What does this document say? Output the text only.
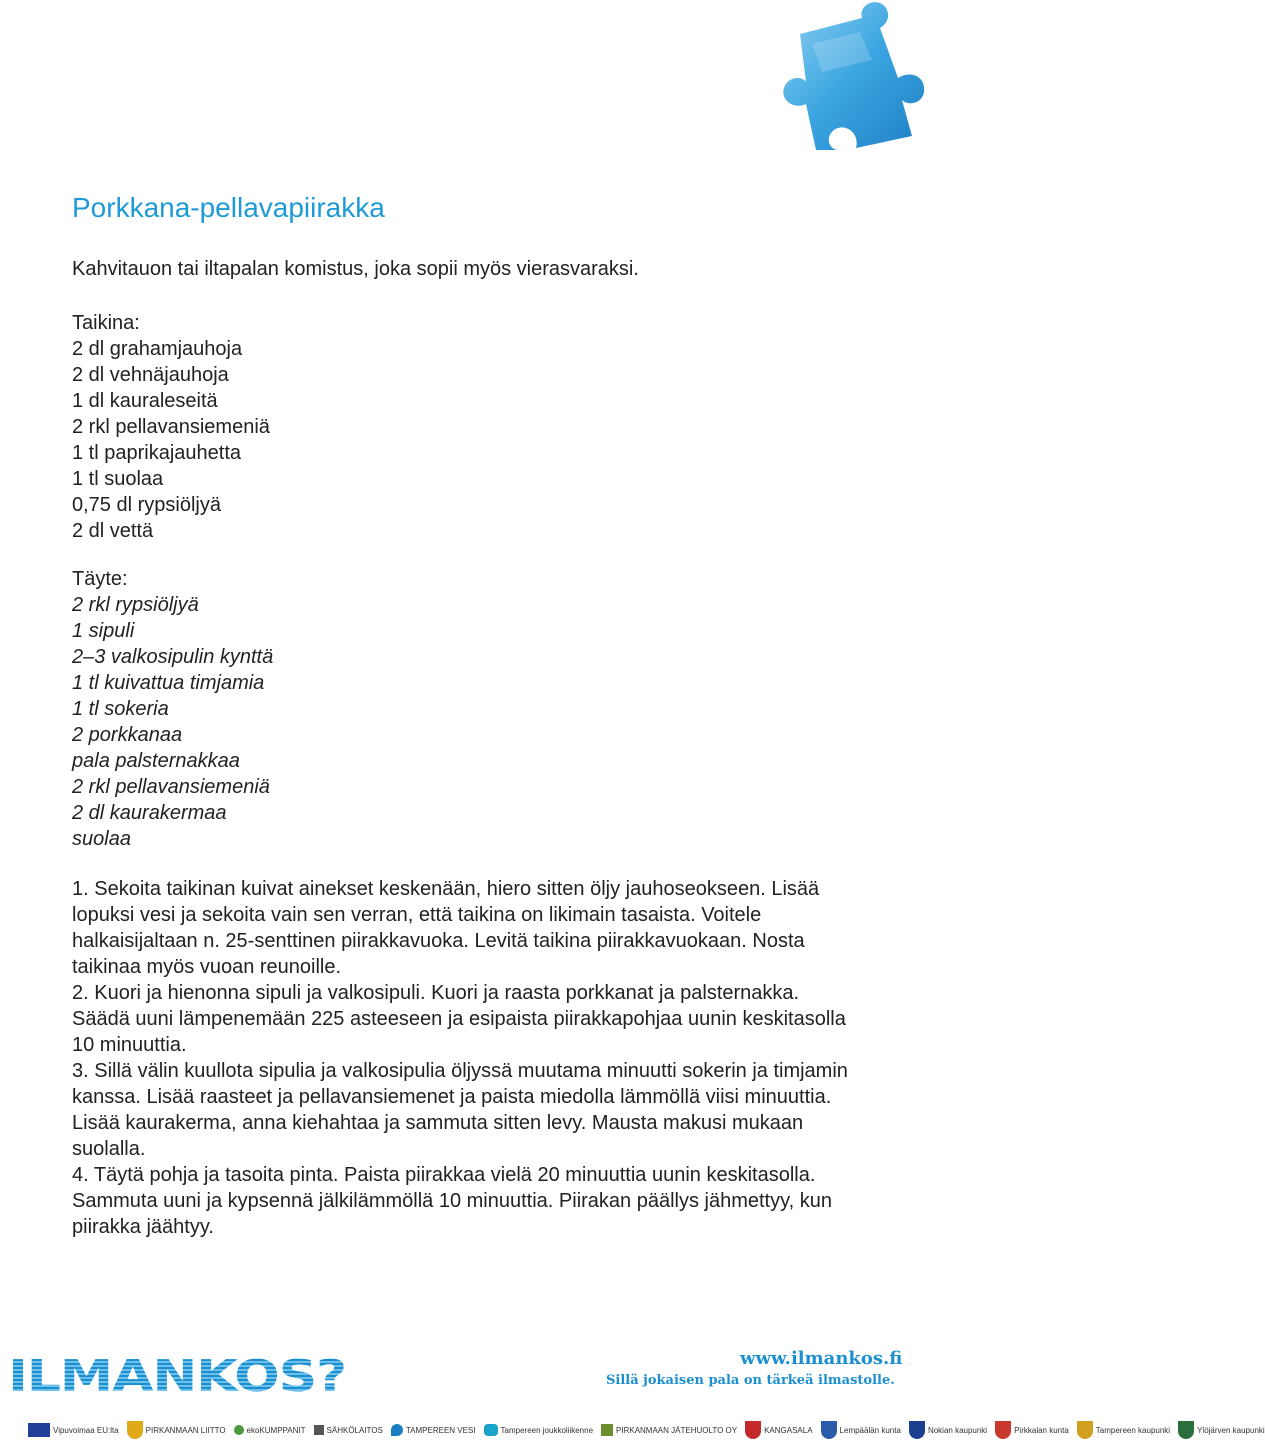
Porkkana-pellavapiirakka

Kahvitauon tai iltapalan komistus, joka sopii myös vierasvaraksi.

Taikina:

2 dl grahamjauhoja

2 dl vehnäjauhoja

1 dl kauraleseitä

2 rkl pellavansiemeniä

1 tl paprikajauhetta

1 tl suolaa

0,75 dl rypsiöljyä

2 dl vettä

Täyte:

2 rkl rypsiöljyä

1 sipuli

2–3 valkosipulin kynttä

1 tl kuivattua timjamia

1 tl sokeria

2 porkkanaa

pala palsternakkaa

2 rkl pellavansiemeniä

2 dl kaurakermaa

suolaa

1. Sekoita taikinan kuivat ainekset keskenään, hiero sitten öljy jauhoseokseen. Lisää lopuksi vesi ja sekoita vain sen verran, että taikina on likimain tasaista. Voitele halkaisijaltaan n. 25-senttinen piirakkavuoka. Levitä taikina piirakkavuokaan. Nosta taikinaa myös vuoan reunoille.

2. Kuori ja hienonna sipuli ja valkosipuli. Kuori ja raasta porkkanat ja palsternakka. Säädä uuni lämpenemään 225 asteeseen ja esipaista piirakkapohjaa uunin keskitasolla 10 minuuttia.

3. Sillä välin kuullota sipulia ja valkosipulia öljyssä muutama minuutti sokerin ja timjamin kanssa. Lisää raasteet ja pellavansiemenet ja paista miedolla lämmöllä viisi minuuttia. Lisää kaurakerma, anna kiehahtaa ja sammuta sitten levy. Mausta makusi mukaan suolalla.

4. Täytä pohja ja tasoita pinta. Paista piirakkaa vielä 20 minuuttia uunin keskitasolla. Sammuta uuni ja kypsennä jälkilämmöllä 10 minuuttia. Piirakan päällys jähmettyy, kun piirakka jäähtyy.

ILMANKOS?	www.ilmankos.fi
Sillä jokaisen pala on tärkeä ilmastolle.
Vipuvoimaa EU:lta	PIRKANMAAN LIITTO	ekoKUMPPANIT	SÄHKÖLAITOS	TAMPEREEN VESI	Tampereen joukkoliikenne	PIRKANMAAN JÄTEHUOLTO OY	KANGASALA	Lempäälän kunta	Nokian kaupunki	Pirkkalan kunta	Tampereen kaupunki	Ylöjärven kaupunki
